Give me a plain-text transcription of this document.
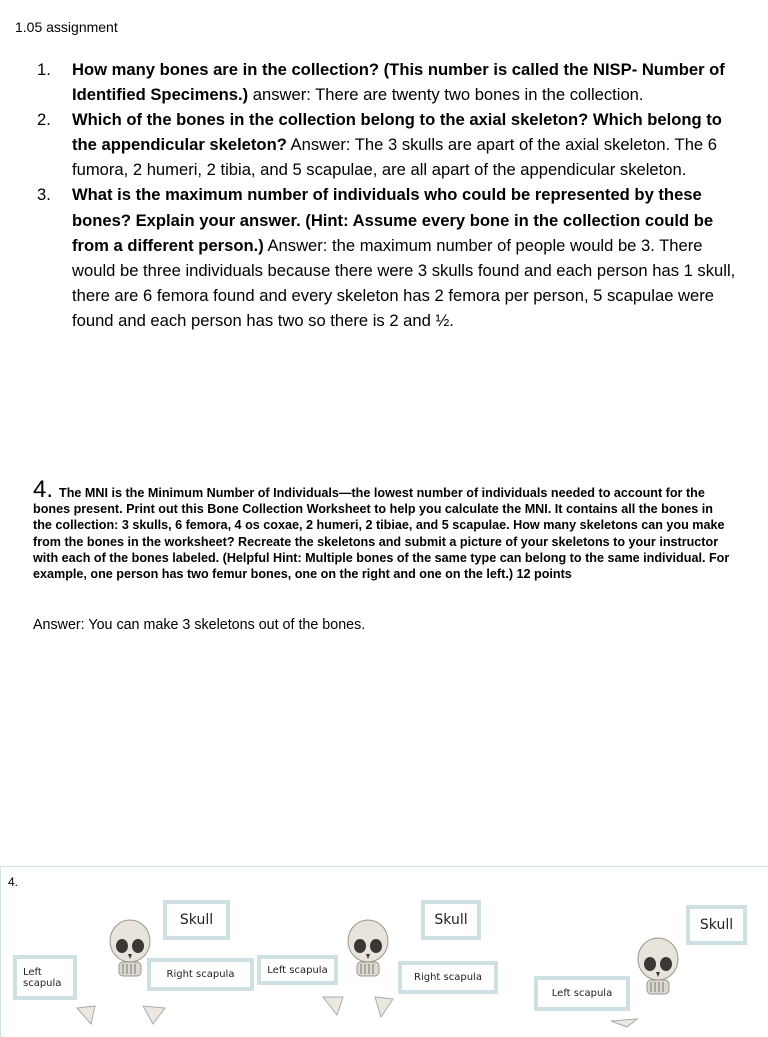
1.05 assignment
1. How many bones are in the collection? (This number is called the NISP- Number of Identified Specimens.) answer: There are twenty two bones in the collection.
2. Which of the bones in the collection belong to the axial skeleton? Which belong to the appendicular skeleton? Answer: The 3 skulls are apart of the axial skeleton. The 6 fumora, 2 humeri, 2 tibia, and 5 scapulae, are all apart of the appendicular skeleton.
3. What is the maximum number of individuals who could be represented by these bones? Explain your answer. (Hint: Assume every bone in the collection could be from a different person.) Answer: the maximum number of people would be 3. There would be three individuals because there were 3 skulls found and each person has 1 skull, there are 6 femora found and every skeleton has 2 femora per person, 5 scapulae were found and each person has two so there is 2 and ½.
4. The MNI is the Minimum Number of Individuals—the lowest number of individuals needed to account for the bones present. Print out this Bone Collection Worksheet to help you calculate the MNI. It contains all the bones in the collection: 3 skulls, 6 femora, 4 os coxae, 2 humeri, 2 tibiae, and 5 scapulae. How many skeletons can you make from the bones in the worksheet? Recreate the skeletons and submit a picture of your skeletons to your instructor with each of the bones labeled. (Helpful Hint: Multiple bones of the same type can belong to the same individual. For example, one person has two femur bones, one on the right and one on the left.) 12 points
Answer: You can make 3 skeletons out of the bones.
4.
Skull	Skull	Skull
Left scapula
Right scapula	Left scapula
Right scapula
Left scapula
